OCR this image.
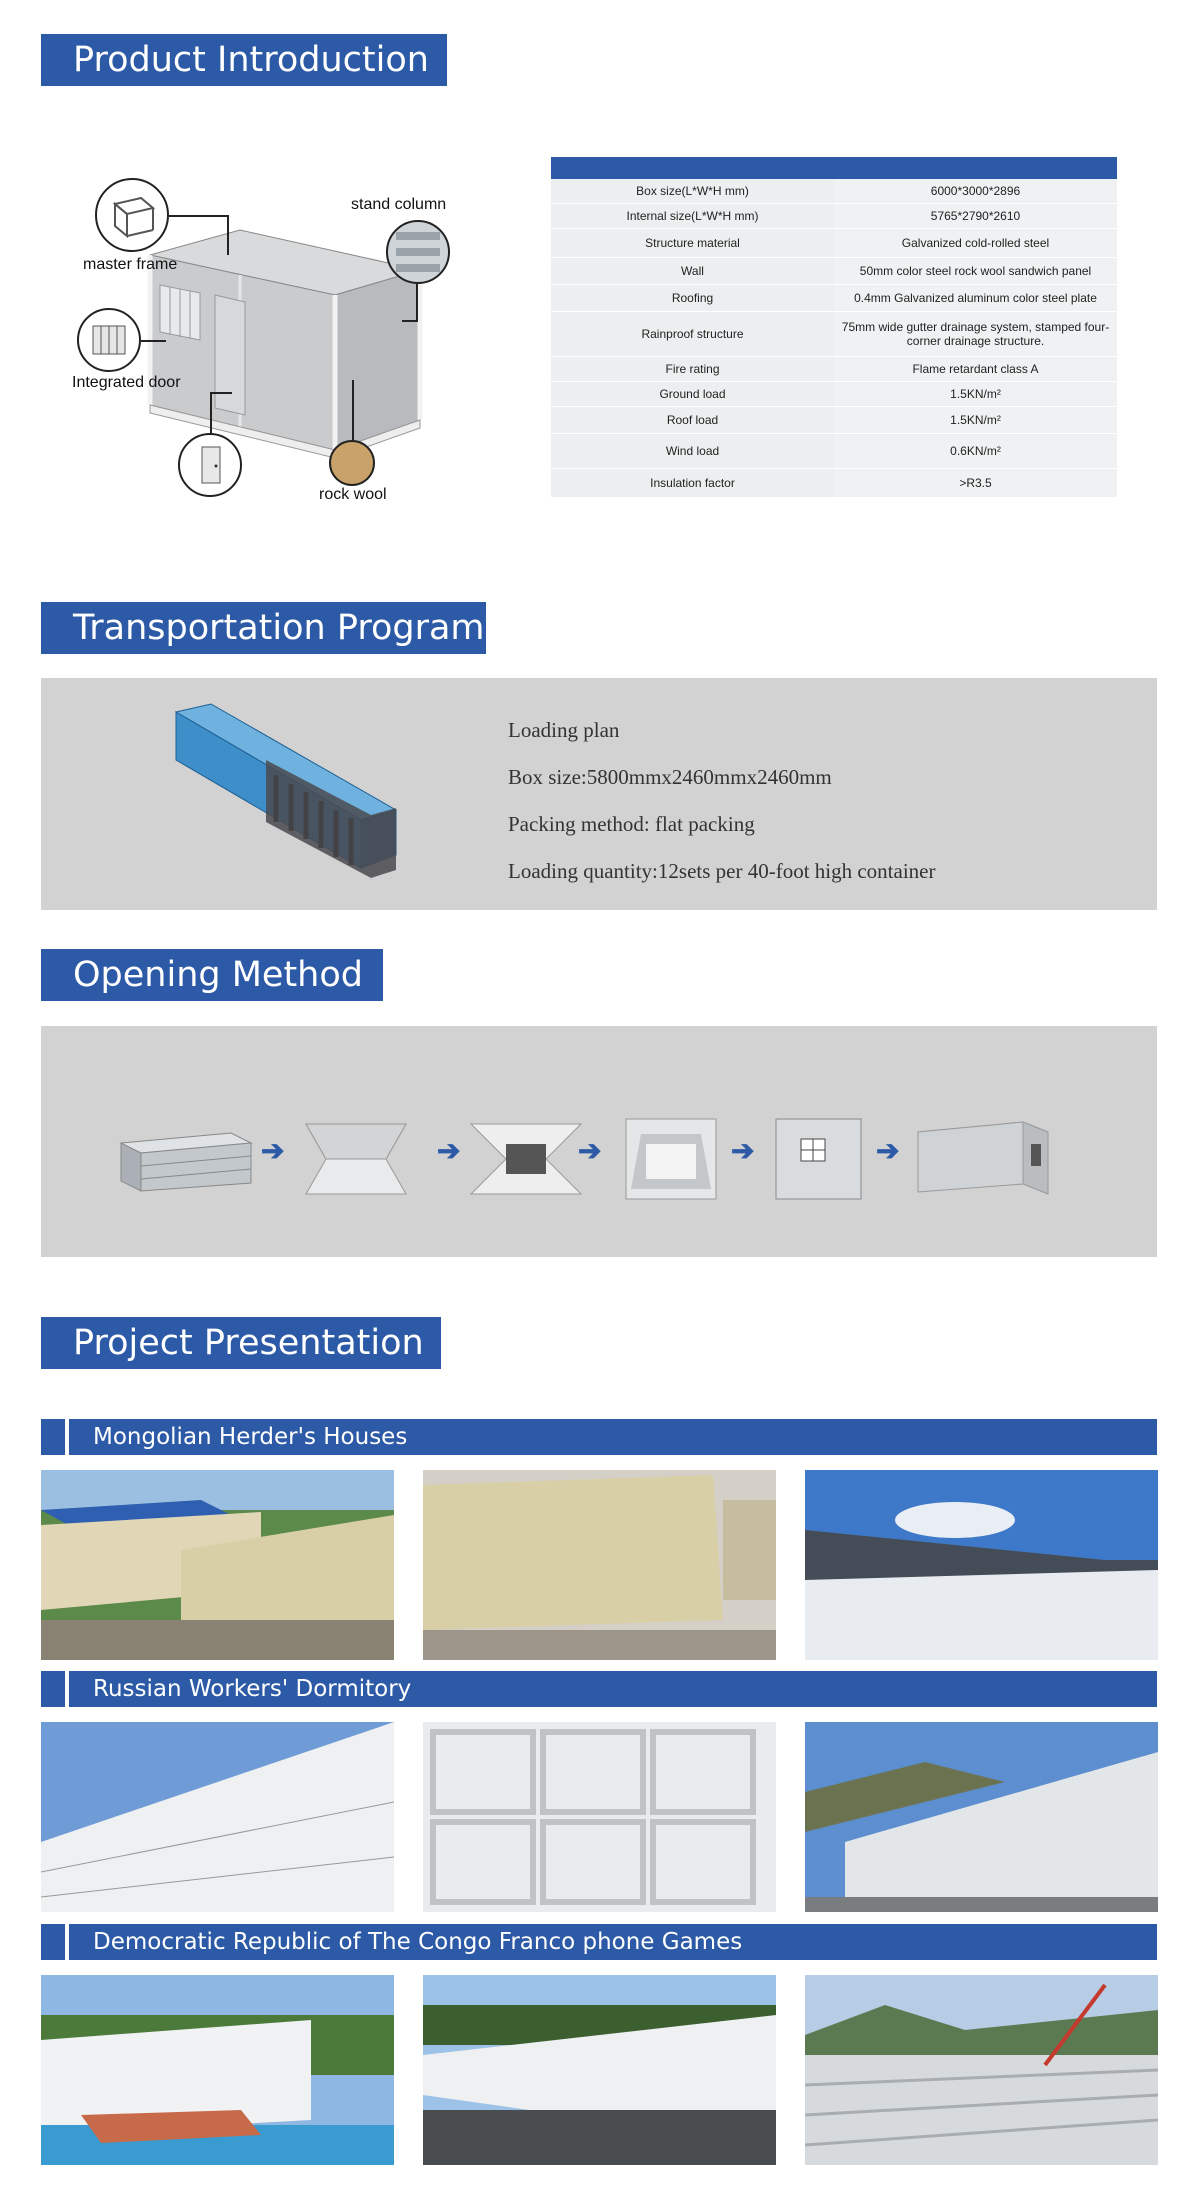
Product Introduction
master frame
stand column
Integrated door
rock wool

Box size(L*W*H mm)	6000*3000*2896
Internal size(L*W*H mm)	5765*2790*2610
Structure material	Galvanized cold-rolled steel
Wall	50mm color steel rock wool sandwich panel
Roofing	0.4mm Galvanized aluminum color steel plate
Rainproof structure	75mm wide gutter drainage system, stamped four-corner drainage structure.
Fire rating	Flame retardant class A
Ground load	1.5KN/m²
Roof load	1.5KN/m²
Wind load	0.6KN/m²
Insulation factor	>R3.5
Transportation Program

Loading plan

Box size:5800mmx2460mmx2460mm

Packing method: flat packing

Loading quantity:12sets per 40-foot high container

Opening Method
➔	➔	➔	➔	➔
Project Presentation
Mongolian Herder's Houses
Russian Workers' Dormitory
Democratic Republic of The Congo Franco phone Games
